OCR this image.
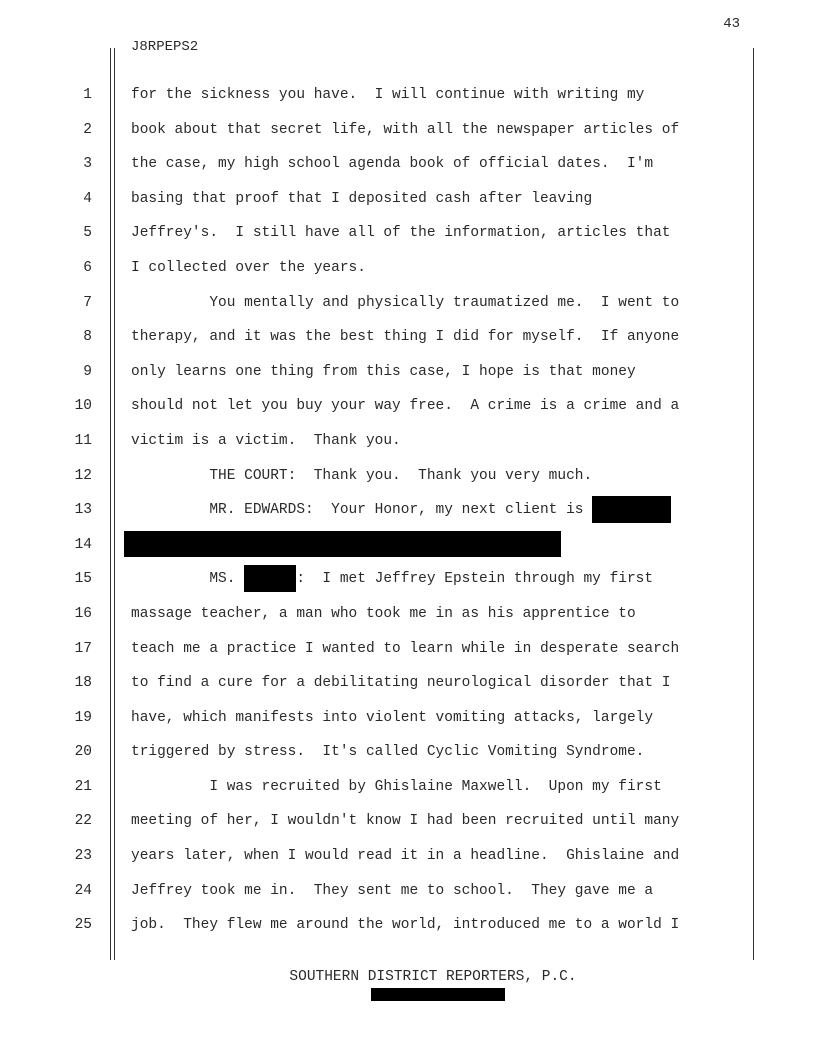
43
J8RPEPS2
1
2
3
4
5
6
7
8
9
10
11
12
13
14
15
16
17
18
19
20
21
22
23
24
25
for the sickness you have.  I will continue with writing my
book about that secret life, with all the newspaper articles of
the case, my high school agenda book of official dates.  I'm
basing that proof that I deposited cash after leaving
Jeffrey's.  I still have all of the information, articles that
I collected over the years.
You mentally and physically traumatized me.  I went to
therapy, and it was the best thing I did for myself.  If anyone
only learns one thing from this case, I hope is that money
should not let you buy your way free.  A crime is a crime and a
victim is a victim.  Thank you.
THE COURT:  Thank you.  Thank you very much.
MR. EDWARDS:  Your Honor, my next client is
MS.	:  I met Jeffrey Epstein through my first
massage teacher, a man who took me in as his apprentice to
teach me a practice I wanted to learn while in desperate search
to find a cure for a debilitating neurological disorder that I
have, which manifests into violent vomiting attacks, largely
triggered by stress.  It's called Cyclic Vomiting Syndrome.
I was recruited by Ghislaine Maxwell.  Upon my first
meeting of her, I wouldn't know I had been recruited until many
years later, when I would read it in a headline.  Ghislaine and
Jeffrey took me in.  They sent me to school.  They gave me a
job.  They flew me around the world, introduced me to a world I
SOUTHERN DISTRICT REPORTERS, P.C.
